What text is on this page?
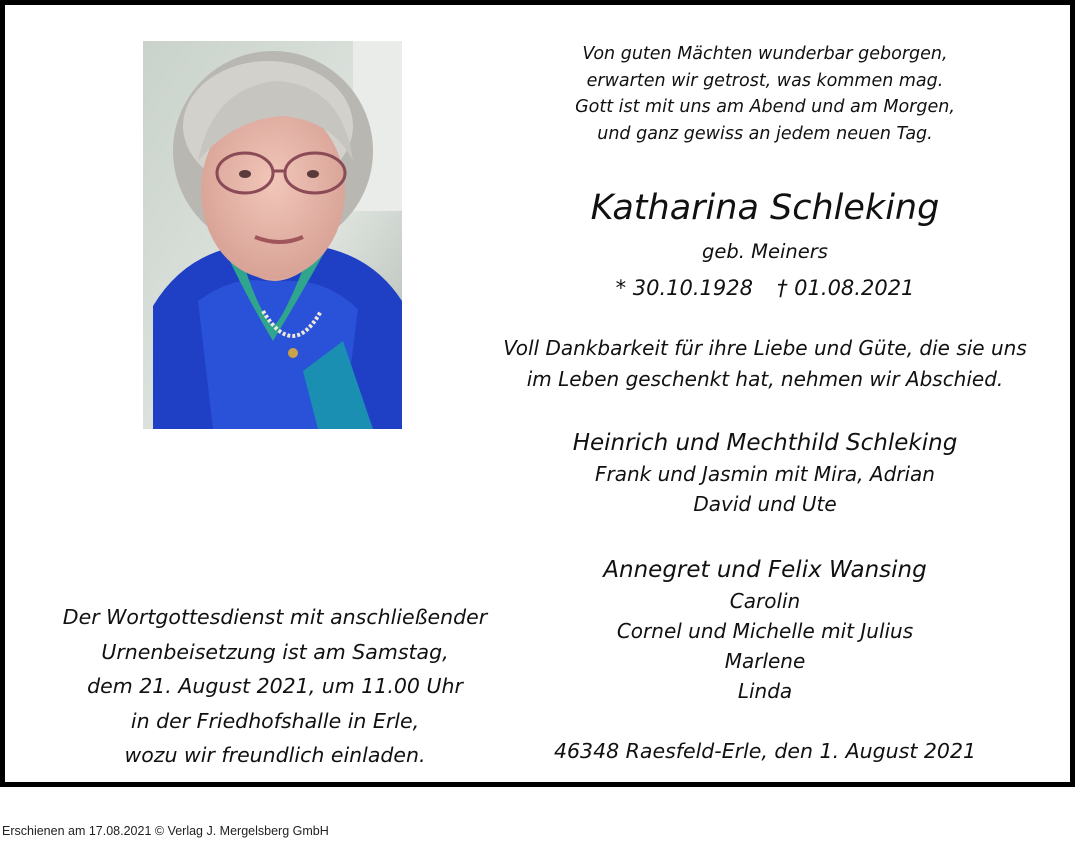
Von guten Mächten wunderbar geborgen,
erwarten wir getrost, was kommen mag.
Gott ist mit uns am Abend und am Morgen,
und ganz gewiss an jedem neuen Tag.
Katharina Schleking
geb. Meiners
* 30.10.1928 † 01.08.2021
Voll Dankbarkeit für ihre Liebe und Güte, die sie uns
im Leben geschenkt hat, nehmen wir Abschied.
Heinrich und Mechthild Schleking
Frank und Jasmin mit Mira, Adrian
David und Ute
Annegret und Felix Wansing
Carolin
Cornel und Michelle mit Julius
Marlene
Linda
46348 Raesfeld-Erle, den 1. August 2021
Der Wortgottesdienst mit anschließender
Urnenbeisetzung ist am Samstag,
dem 21. August 2021, um 11.00 Uhr
in der Friedhofshalle in Erle,
wozu wir freundlich einladen.
Erschienen am 17.08.2021 © Verlag J. Mergelsberg GmbH
